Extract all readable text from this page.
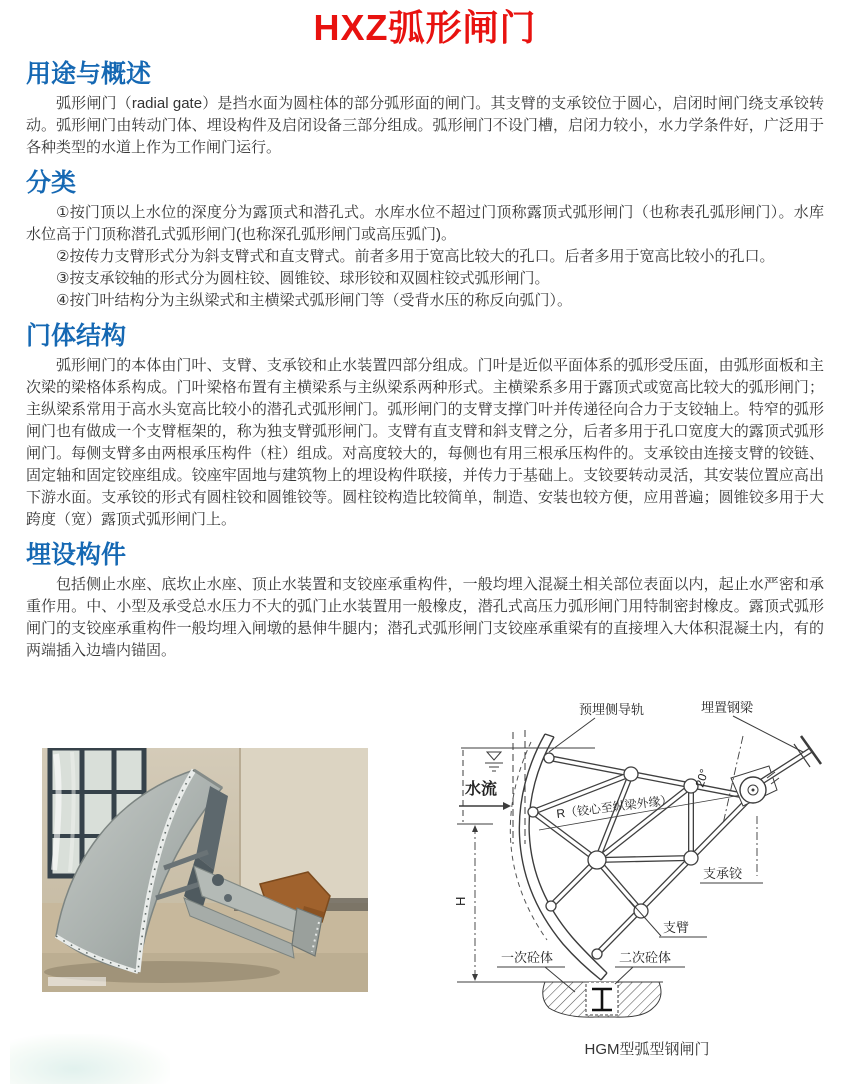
HXZ弧形闸门
用途与概述

弧形闸门（radial gate）是挡水面为圆柱体的部分弧形面的闸门。其支臂的支承铰位于圆心，启闭时闸门绕支承铰转动。弧形闸门由转动门体、埋设构件及启闭设备三部分组成。弧形闸门不设门槽，启闭力较小，水力学条件好，广泛用于各种类型的水道上作为工作闸门运行。

分类

①按门顶以上水位的深度分为露顶式和潜孔式。水库水位不超过门顶称露顶式弧形闸门（也称表孔弧形闸门）。水库水位高于门顶称潜孔式弧形闸门(也称深孔弧形闸门或高压弧门)。

②按传力支臂形式分为斜支臂式和直支臂式。前者多用于宽高比较大的孔口。后者多用于宽高比较小的孔口。

③按支承铰轴的形式分为圆柱铰、圆锥铰、球形铰和双圆柱铰式弧形闸门。

④按门叶结构分为主纵梁式和主横梁式弧形闸门等（受背水压的称反向弧门）。

门体结构

弧形闸门的本体由门叶、支臂、支承铰和止水装置四部分组成。门叶是近似平面体系的弧形受压面，由弧形面板和主次梁的梁格体系构成。门叶梁格布置有主横梁系与主纵梁系两种形式。主横梁系多用于露顶式或宽高比较大的弧形闸门；主纵梁系常用于高水头宽高比较小的潜孔式弧形闸门。弧形闸门的支臂支撑门叶并传递径向合力于支铰轴上。特窄的弧形闸门也有做成一个支臂框架的，称为独支臂弧形闸门。支臂有直支臂和斜支臂之分，后者多用于孔口宽度大的露顶式弧形闸门。每侧支臂多由两根承压构件（柱）组成。对高度较大的，每侧也有用三根承压构件的。支承铰由连接支臂的铰链、固定轴和固定铰座组成。铰座牢固地与建筑物上的埋设构件联接，并传力于基础上。支铰要转动灵活，其安装位置应高出下游水面。支承铰的形式有圆柱铰和圆锥铰等。圆柱铰构造比较简单，制造、安装也较方便，应用普遍；圆锥铰多用于大跨度（宽）露顶式弧形闸门上。

埋设构件

包括侧止水座、底坎止水座、顶止水装置和支铰座承重构件，一般均埋入混凝土相关部位表面以内，起止水严密和承重作用。中、小型及承受总水压力不大的弧门止水装置用一般橡皮，潜孔式高压力弧形闸门用特制密封橡皮。露顶式弧形闸门的支铰座承重构件一般均埋入闸墩的悬伸牛腿内；潜孔式弧形闸门支铰座承重梁有的直接埋入大体积混凝土内，有的两端插入边墙内锚固。

水流
R（铰心至纵梁外缘）
20°
支承铰
H
支臂
预埋侧导轨	埋置钢梁
一次砼体	二次砼体
HGM型弧型钢闸门
